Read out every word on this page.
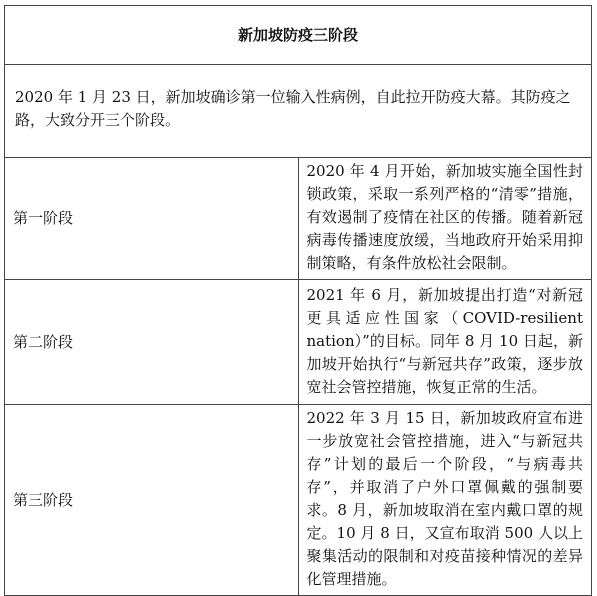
新加坡防疫三阶段	
2020 年 1 月 23 日，新加坡确诊第一位输入性病例，自此拉开防疫大幕。其防疫之路，大致分开三个阶段。	
第一阶段	2020 年 4 月开始，新加坡实施全国性封锁政策，采取一系列严格的“清零”措施，有效遏制了疫情在社区的传播。随着新冠病毒传播速度放缓，当地政府开始采用抑制策略，有条件放松社会限制。
第二阶段	2021 年 6 月，新加坡提出打造“对新冠更具适应性国家（COVID-resilient nation）”的目标。同年 8 月 10 日起，新加坡开始执行“与新冠共存”政策，逐步放宽社会管控措施，恢复正常的生活。
第三阶段	2022 年 3 月 15 日，新加坡政府宣布进一步放宽社会管控措施，进入“与新冠共存”计划的最后一个阶段，“与病毒共存”，并取消了户外口罩佩戴的强制要求。8 月，新加坡取消在室内戴口罩的规定。10 月 8 日，又宣布取消 500 人以上聚集活动的限制和对疫苗接种情况的差异化管理措施。
